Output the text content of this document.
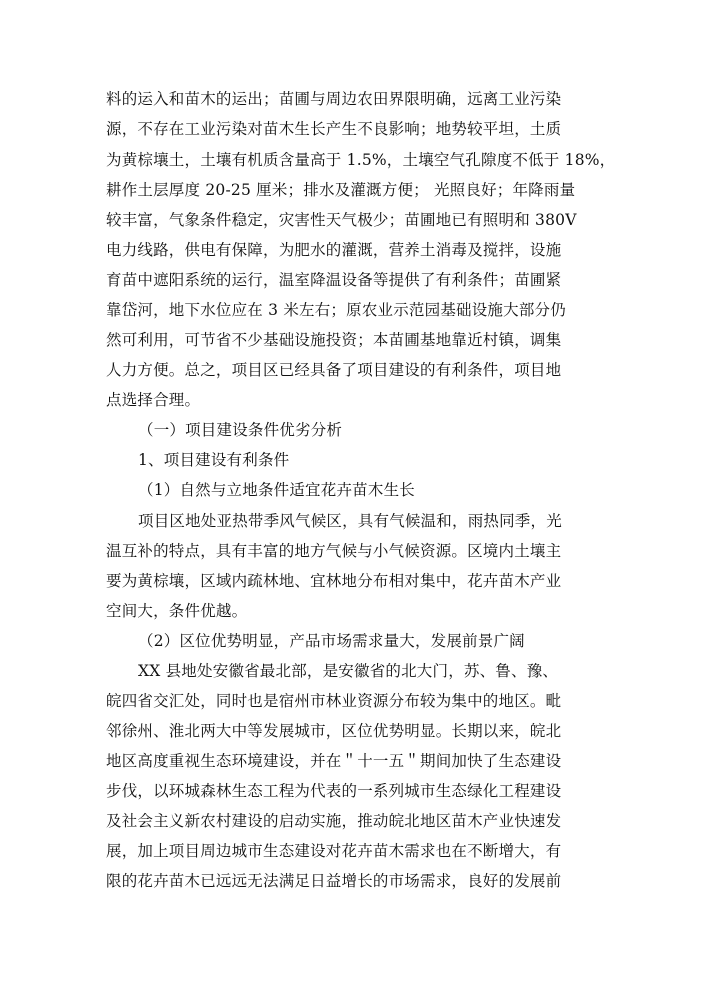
料的运入和苗木的运出；苗圃与周边农田界限明确，远离工业污染
源，不存在工业污染对苗木生长产生不良影响；地势较平坦，土质
为黄棕壤土，土壤有机质含量高于 1.5%，土壤空气孔隙度不低于 18%，
耕作土层厚度 20-25 厘米；排水及灌溉方便； 光照良好；年降雨量
较丰富，气象条件稳定，灾害性天气极少；苗圃地已有照明和 380V
电力线路，供电有保障，为肥水的灌溉，营养土消毒及搅拌，设施
育苗中遮阳系统的运行，温室降温设备等提供了有利条件；苗圃紧
靠岱河，地下水位应在 3 米左右；原农业示范园基础设施大部分仍
然可利用，可节省不少基础设施投资；本苗圃基地靠近村镇，调集
人力方便。总之，项目区已经具备了项目建设的有利条件，项目地
点选择合理。
（一）项目建设条件优劣分析
1、项目建设有利条件
（1）自然与立地条件适宜花卉苗木生长
项目区地处亚热带季风气候区，具有气候温和，雨热同季，光
温互补的特点，具有丰富的地方气候与小气候资源。区境内土壤主
要为黄棕壤，区域内疏林地、宜林地分布相对集中，花卉苗木产业
空间大，条件优越。
（2）区位优势明显，产品市场需求量大，发展前景广阔
XX 县地处安徽省最北部，是安徽省的北大门，苏、鲁、豫、
皖四省交汇处，同时也是宿州市林业资源分布较为集中的地区。毗
邻徐州、淮北两大中等发展城市，区位优势明显。长期以来，皖北
地区高度重视生态环境建设，并在＂十一五＂期间加快了生态建设
步伐，以环城森林生态工程为代表的一系列城市生态绿化工程建设
及社会主义新农村建设的启动实施，推动皖北地区苗木产业快速发
展，加上项目周边城市生态建设对花卉苗木需求也在不断增大，有
限的花卉苗木已远远无法满足日益增长的市场需求，良好的发展前
